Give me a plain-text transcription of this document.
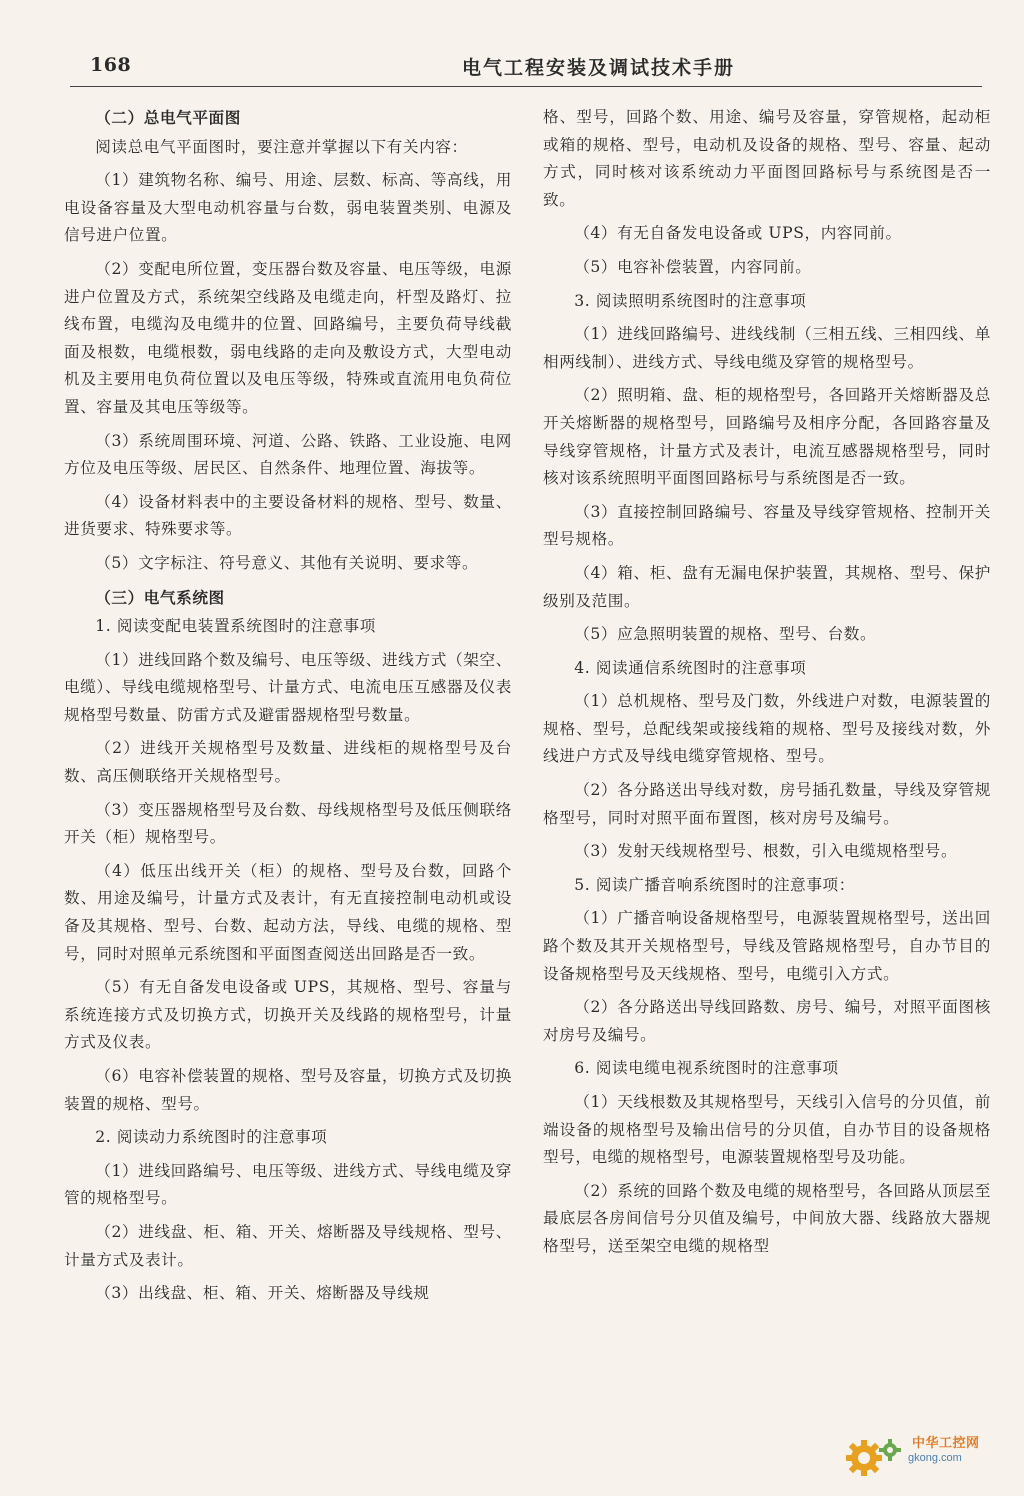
168	电气工程安装及调试技术手册

（二）总电气平面图

阅读总电气平面图时，要注意并掌握以下有关内容：

（1）建筑物名称、编号、用途、层数、标高、等高线，用电设备容量及大型电动机容量与台数，弱电装置类别、电源及信号进户位置。

（2）变配电所位置，变压器台数及容量、电压等级，电源进户位置及方式，系统架空线路及电缆走向，杆型及路灯、拉线布置，电缆沟及电缆井的位置、回路编号，主要负荷导线截面及根数，电缆根数，弱电线路的走向及敷设方式，大型电动机及主要用电负荷位置以及电压等级，特殊或直流用电负荷位置、容量及其电压等级等。

（3）系统周围环境、河道、公路、铁路、工业设施、电网方位及电压等级、居民区、自然条件、地理位置、海拔等。

（4）设备材料表中的主要设备材料的规格、型号、数量、进货要求、特殊要求等。

（5）文字标注、符号意义、其他有关说明、要求等。

（三）电气系统图

1. 阅读变配电装置系统图时的注意事项

（1）进线回路个数及编号、电压等级、进线方式（架空、电缆）、导线电缆规格型号、计量方式、电流电压互感器及仪表规格型号数量、防雷方式及避雷器规格型号数量。

（2）进线开关规格型号及数量、进线柜的规格型号及台数、高压侧联络开关规格型号。

（3）变压器规格型号及台数、母线规格型号及低压侧联络开关（柜）规格型号。

（4）低压出线开关（柜）的规格、型号及台数，回路个数、用途及编号，计量方式及表计，有无直接控制电动机或设备及其规格、型号、台数、起动方法，导线、电缆的规格、型号，同时对照单元系统图和平面图查阅送出回路是否一致。

（5）有无自备发电设备或 UPS，其规格、型号、容量与系统连接方式及切换方式，切换开关及线路的规格型号，计量方式及仪表。

（6）电容补偿装置的规格、型号及容量，切换方式及切换装置的规格、型号。

2. 阅读动力系统图时的注意事项

（1）进线回路编号、电压等级、进线方式、导线电缆及穿管的规格型号。

（2）进线盘、柜、箱、开关、熔断器及导线规格、型号、计量方式及表计。

（3）出线盘、柜、箱、开关、熔断器及导线规

格、型号，回路个数、用途、编号及容量，穿管规格，起动柜或箱的规格、型号，电动机及设备的规格、型号、容量、起动方式，同时核对该系统动力平面图回路标号与系统图是否一致。

（4）有无自备发电设备或 UPS，内容同前。

（5）电容补偿装置，内容同前。

3. 阅读照明系统图时的注意事项

（1）进线回路编号、进线线制（三相五线、三相四线、单相两线制）、进线方式、导线电缆及穿管的规格型号。

（2）照明箱、盘、柜的规格型号，各回路开关熔断器及总开关熔断器的规格型号，回路编号及相序分配，各回路容量及导线穿管规格，计量方式及表计，电流互感器规格型号，同时核对该系统照明平面图回路标号与系统图是否一致。

（3）直接控制回路编号、容量及导线穿管规格、控制开关型号规格。

（4）箱、柜、盘有无漏电保护装置，其规格、型号、保护级别及范围。

（5）应急照明装置的规格、型号、台数。

4. 阅读通信系统图时的注意事项

（1）总机规格、型号及门数，外线进户对数，电源装置的规格、型号，总配线架或接线箱的规格、型号及接线对数，外线进户方式及导线电缆穿管规格、型号。

（2）各分路送出导线对数，房号插孔数量，导线及穿管规格型号，同时对照平面布置图，核对房号及编号。

（3）发射天线规格型号、根数，引入电缆规格型号。

5. 阅读广播音响系统图时的注意事项：

（1）广播音响设备规格型号，电源装置规格型号，送出回路个数及其开关规格型号，导线及管路规格型号，自办节目的设备规格型号及天线规格、型号，电缆引入方式。

（2）各分路送出导线回路数、房号、编号，对照平面图核对房号及编号。

6. 阅读电缆电视系统图时的注意事项

（1）天线根数及其规格型号，天线引入信号的分贝值，前端设备的规格型号及输出信号的分贝值，自办节目的设备规格型号，电缆的规格型号，电源装置规格型号及功能。

（2）系统的回路个数及电缆的规格型号，各回路从顶层至最底层各房间信号分贝值及编号，中间放大器、线路放大器规格型号，送至架空电缆的规格型

中华工控网
gkong.com
